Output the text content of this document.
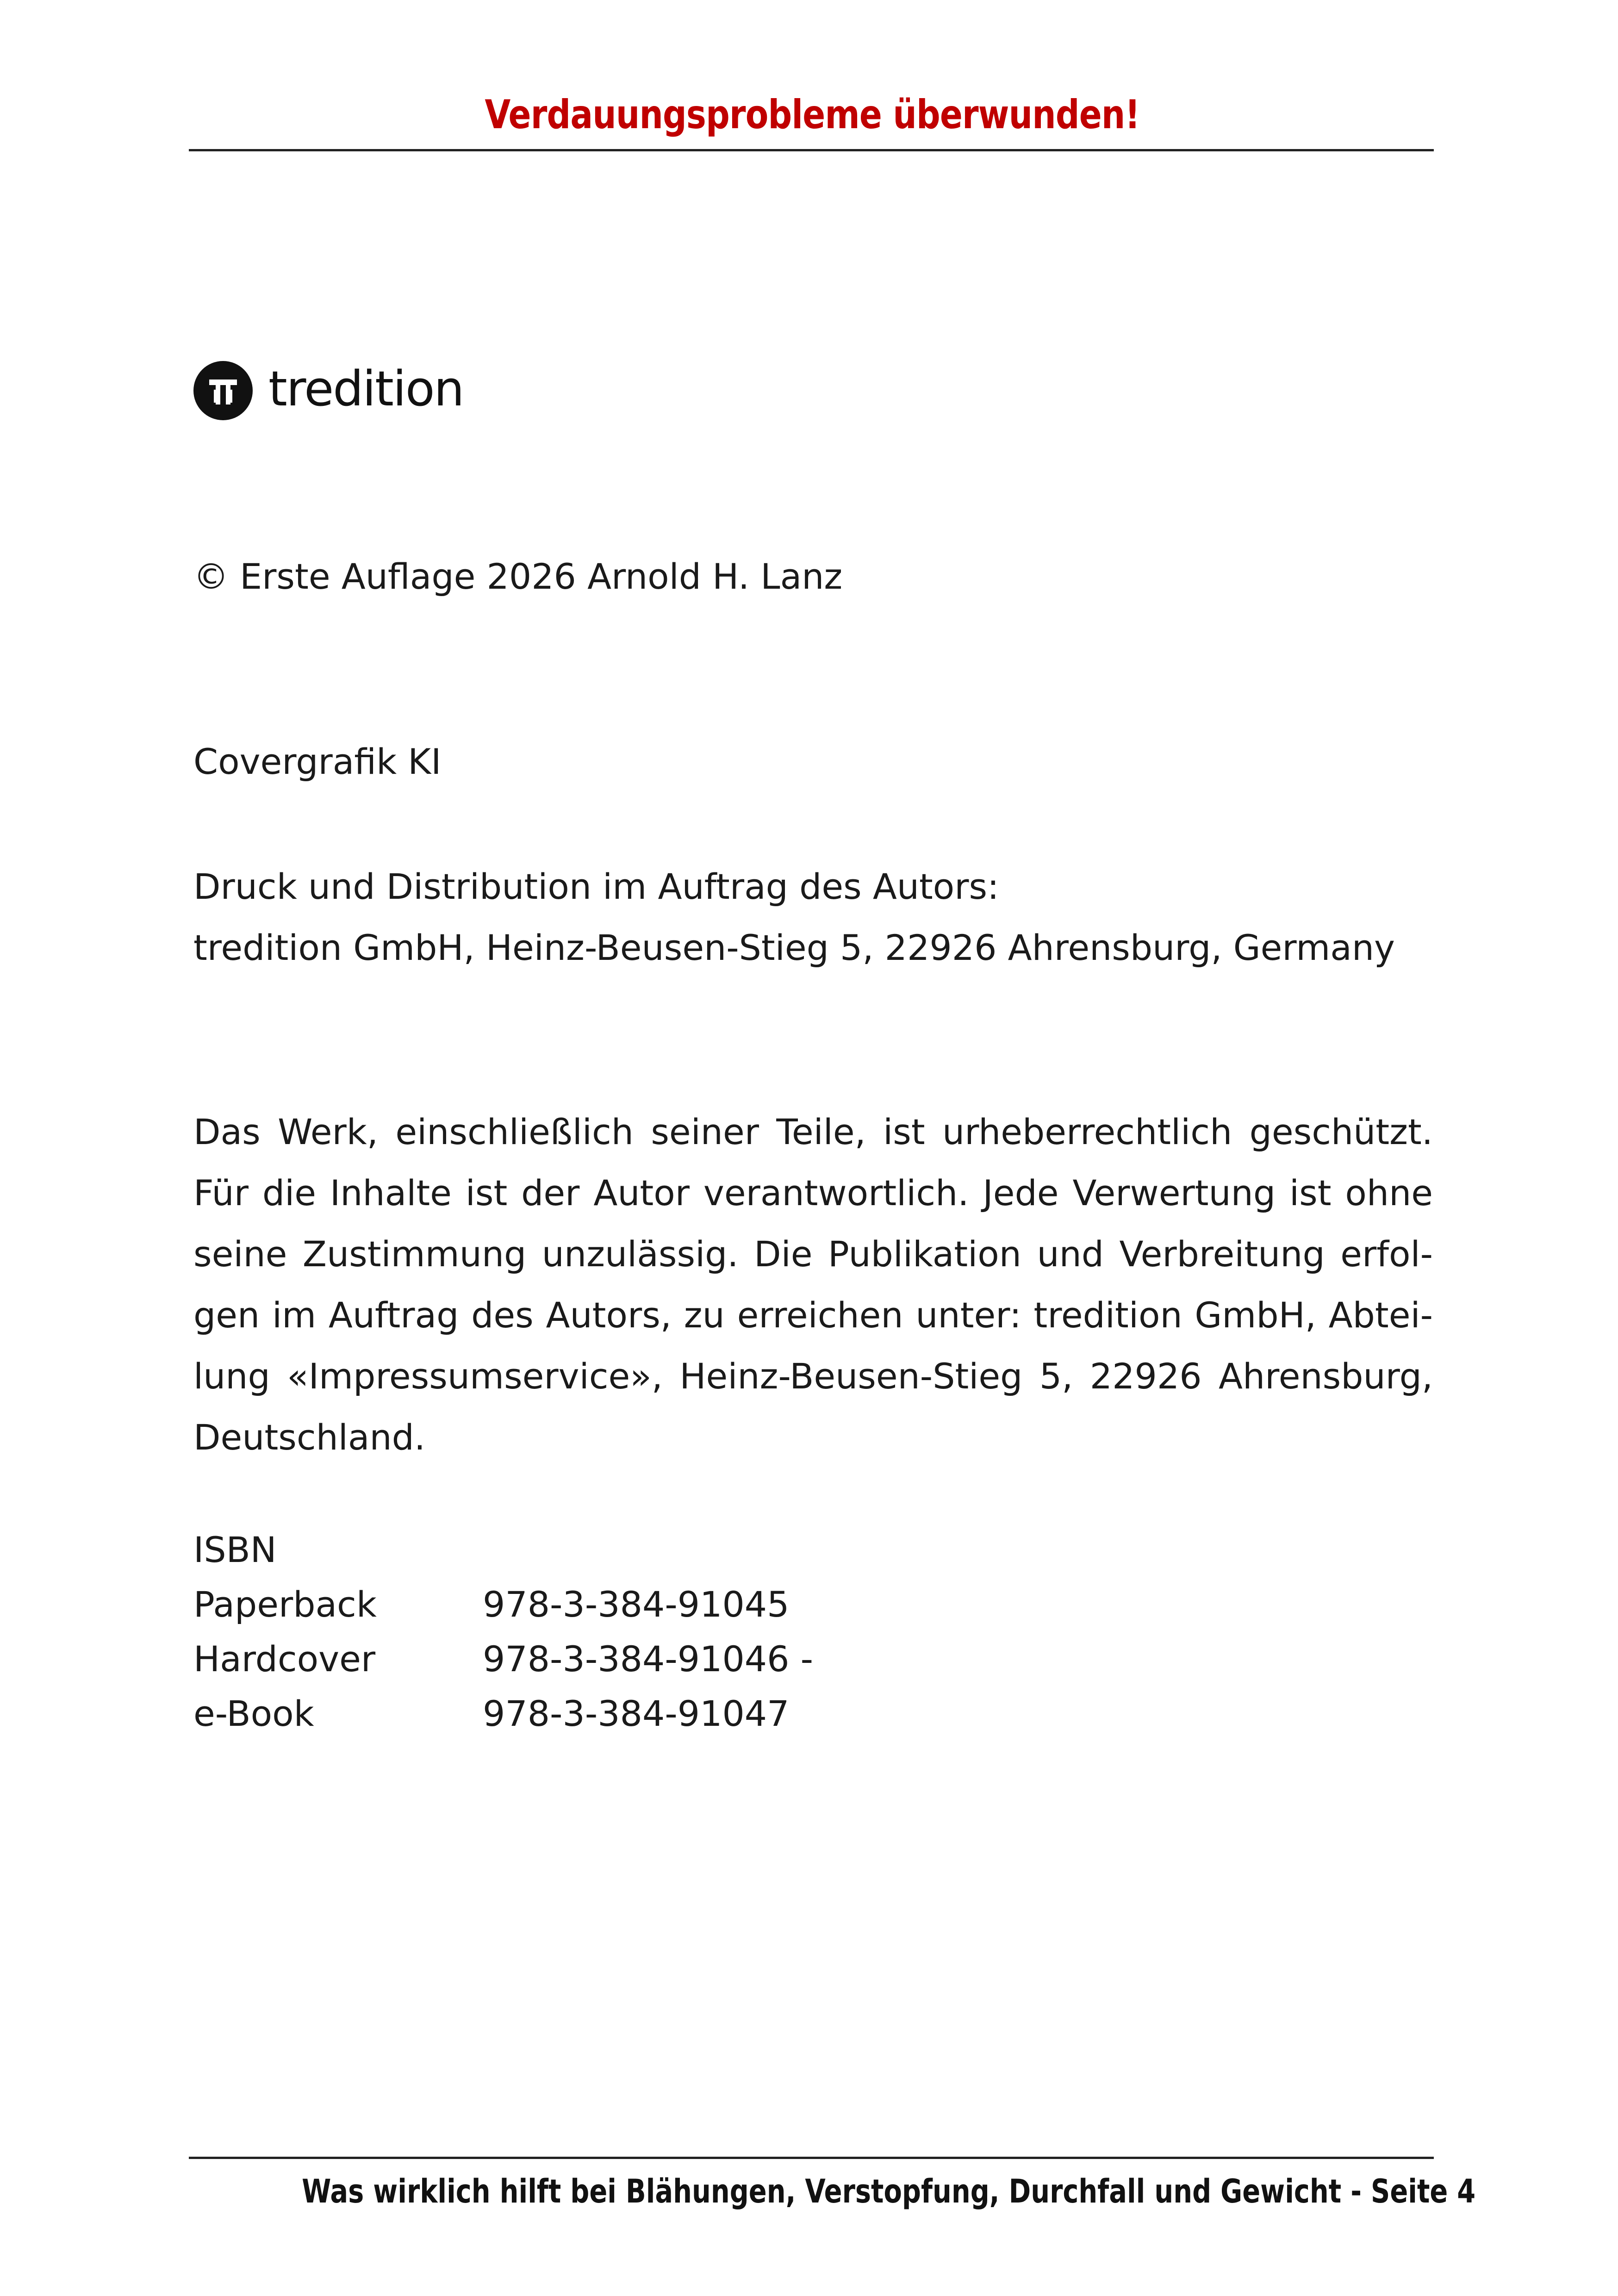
Verdauungsprobleme überwunden!
tredition
© Erste Auflage 2026 Arnold H. Lanz
Covergrafik KI
Druck und Distribution im Auftrag des Autors:
tredition GmbH, Heinz-Beusen-Stieg 5, 22926 Ahrensburg, Germany
Das Werk, einschließlich seiner Teile, ist urheberrechtlich geschützt.
Für die Inhalte ist der Autor verantwortlich. Jede Verwertung ist ohne
seine Zustimmung unzulässig. Die Publikation und Verbreitung erfol-
gen im Auftrag des Autors, zu erreichen unter: tredition GmbH, Abtei-
lung «Impressumservice», Heinz-Beusen-Stieg 5, 22926 Ahrensburg,
Deutschland.
ISBN
Paperback	978-3-384-91045
Hardcover	978-3-384-91046 -
e-Book	978-3-384-91047
Was wirklich hilft bei Blähungen, Verstopfung, Durchfall und Gewicht - Seite 4
